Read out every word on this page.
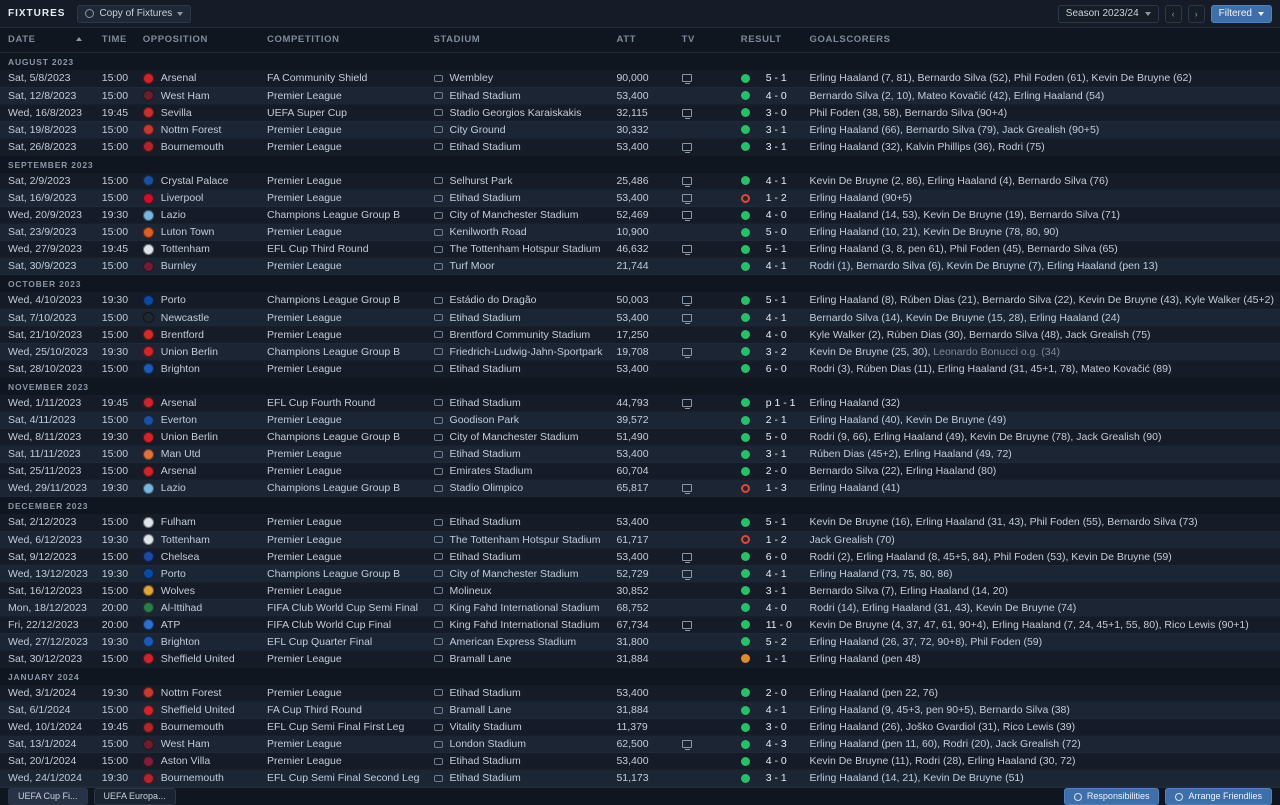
FIXTURES	Copy of Fixtures	Season 2023/24	‹	›	Filtered
DATE	TIME	OPPOSITION	COMPETITION	STADIUM	ATT	TV	RESULT	GOALSCORERS
AUGUST 2023								
Sat, 5/8/2023	15:00	Arsenal	FA Community Shield	Wembley	90,000		5 - 1	Erling Haaland (7, 81), Bernardo Silva (52), Phil Foden (61), Kevin De Bruyne (62)
Sat, 12/8/2023	15:00	West Ham	Premier League	Etihad Stadium	53,400		4 - 0	Bernardo Silva (2, 10), Mateo Kovačić (42), Erling Haaland (54)
Wed, 16/8/2023	19:45	Sevilla	UEFA Super Cup	Stadio Georgios Karaiskakis	32,115		3 - 0	Phil Foden (38, 58), Bernardo Silva (90+4)
Sat, 19/8/2023	15:00	Nottm Forest	Premier League	City Ground	30,332		3 - 1	Erling Haaland (66), Bernardo Silva (79), Jack Grealish (90+5)
Sat, 26/8/2023	15:00	Bournemouth	Premier League	Etihad Stadium	53,400		3 - 1	Erling Haaland (32), Kalvin Phillips (36), Rodri (75)
SEPTEMBER 2023								
Sat, 2/9/2023	15:00	Crystal Palace	Premier League	Selhurst Park	25,486		4 - 1	Kevin De Bruyne (2, 86), Erling Haaland (4), Bernardo Silva (76)
Sat, 16/9/2023	15:00	Liverpool	Premier League	Etihad Stadium	53,400		1 - 2	Erling Haaland (90+5)
Wed, 20/9/2023	19:30	Lazio	Champions League Group B	City of Manchester Stadium	52,469		4 - 0	Erling Haaland (14, 53), Kevin De Bruyne (19), Bernardo Silva (71)
Sat, 23/9/2023	15:00	Luton Town	Premier League	Kenilworth Road	10,900		5 - 0	Erling Haaland (10, 21), Kevin De Bruyne (78, 80, 90)
Wed, 27/9/2023	19:45	Tottenham	EFL Cup Third Round	The Tottenham Hotspur Stadium	46,632		5 - 1	Erling Haaland (3, 8, pen 61), Phil Foden (45), Bernardo Silva (65)
Sat, 30/9/2023	15:00	Burnley	Premier League	Turf Moor	21,744		4 - 1	Rodri (1), Bernardo Silva (6), Kevin De Bruyne (7), Erling Haaland (pen 13)
OCTOBER 2023								
Wed, 4/10/2023	19:30	Porto	Champions League Group B	Estádio do Dragão	50,003		5 - 1	Erling Haaland (8), Rúben Dias (21), Bernardo Silva (22), Kevin De Bruyne (43), Kyle Walker (45+2)
Sat, 7/10/2023	15:00	Newcastle	Premier League	Etihad Stadium	53,400		4 - 1	Bernardo Silva (14), Kevin De Bruyne (15, 28), Erling Haaland (24)
Sat, 21/10/2023	15:00	Brentford	Premier League	Brentford Community Stadium	17,250		4 - 0	Kyle Walker (2), Rúben Dias (30), Bernardo Silva (48), Jack Grealish (75)
Wed, 25/10/2023	19:30	Union Berlin	Champions League Group B	Friedrich-Ludwig-Jahn-Sportpark	19,708		3 - 2	Kevin De Bruyne (25, 30), Leonardo Bonucci o.g. (34)
Sat, 28/10/2023	15:00	Brighton	Premier League	Etihad Stadium	53,400		6 - 0	Rodri (3), Rúben Dias (11), Erling Haaland (31, 45+1, 78), Mateo Kovačić (89)
NOVEMBER 2023								
Wed, 1/11/2023	19:45	Arsenal	EFL Cup Fourth Round	Etihad Stadium	44,793		p 1 - 1	Erling Haaland (32)
Sat, 4/11/2023	15:00	Everton	Premier League	Goodison Park	39,572		2 - 1	Erling Haaland (40), Kevin De Bruyne (49)
Wed, 8/11/2023	19:30	Union Berlin	Champions League Group B	City of Manchester Stadium	51,490		5 - 0	Rodri (9, 66), Erling Haaland (49), Kevin De Bruyne (78), Jack Grealish (90)
Sat, 11/11/2023	15:00	Man Utd	Premier League	Etihad Stadium	53,400		3 - 1	Rúben Dias (45+2), Erling Haaland (49, 72)
Sat, 25/11/2023	15:00	Arsenal	Premier League	Emirates Stadium	60,704		2 - 0	Bernardo Silva (22), Erling Haaland (80)
Wed, 29/11/2023	19:30	Lazio	Champions League Group B	Stadio Olimpico	65,817		1 - 3	Erling Haaland (41)
DECEMBER 2023								
Sat, 2/12/2023	15:00	Fulham	Premier League	Etihad Stadium	53,400		5 - 1	Kevin De Bruyne (16), Erling Haaland (31, 43), Phil Foden (55), Bernardo Silva (73)
Wed, 6/12/2023	19:30	Tottenham	Premier League	The Tottenham Hotspur Stadium	61,717		1 - 2	Jack Grealish (70)
Sat, 9/12/2023	15:00	Chelsea	Premier League	Etihad Stadium	53,400		6 - 0	Rodri (2), Erling Haaland (8, 45+5, 84), Phil Foden (53), Kevin De Bruyne (59)
Wed, 13/12/2023	19:30	Porto	Champions League Group B	City of Manchester Stadium	52,729		4 - 1	Erling Haaland (73, 75, 80, 86)
Sat, 16/12/2023	15:00	Wolves	Premier League	Molineux	30,852		3 - 1	Bernardo Silva (7), Erling Haaland (14, 20)
Mon, 18/12/2023	20:00	Al-Ittihad	FIFA Club World Cup Semi Final	King Fahd International Stadium	68,752		4 - 0	Rodri (14), Erling Haaland (31, 43), Kevin De Bruyne (74)
Fri, 22/12/2023	20:00	ATP	FIFA Club World Cup Final	King Fahd International Stadium	67,734		11 - 0	Kevin De Bruyne (4, 37, 47, 61, 90+4), Erling Haaland (7, 24, 45+1, 55, 80), Rico Lewis (90+1)
Wed, 27/12/2023	19:30	Brighton	EFL Cup Quarter Final	American Express Stadium	31,800		5 - 2	Erling Haaland (26, 37, 72, 90+8), Phil Foden (59)
Sat, 30/12/2023	15:00	Sheffield United	Premier League	Bramall Lane	31,884		1 - 1	Erling Haaland (pen 48)
JANUARY 2024								
Wed, 3/1/2024	19:30	Nottm Forest	Premier League	Etihad Stadium	53,400		2 - 0	Erling Haaland (pen 22, 76)
Sat, 6/1/2024	15:00	Sheffield United	FA Cup Third Round	Bramall Lane	31,884		4 - 1	Erling Haaland (9, 45+3, pen 90+5), Bernardo Silva (38)
Wed, 10/1/2024	19:45	Bournemouth	EFL Cup Semi Final First Leg	Vitality Stadium	11,379		3 - 0	Erling Haaland (26), Joško Gvardiol (31), Rico Lewis (39)
Sat, 13/1/2024	15:00	West Ham	Premier League	London Stadium	62,500		4 - 3	Erling Haaland (pen 11, 60), Rodri (20), Jack Grealish (72)
Sat, 20/1/2024	15:00	Aston Villa	Premier League	Etihad Stadium	53,400		4 - 0	Kevin De Bruyne (11), Rodri (28), Erling Haaland (30, 72)
Wed, 24/1/2024	19:30	Bournemouth	EFL Cup Semi Final Second Leg	Etihad Stadium	51,173		3 - 1	Erling Haaland (14, 21), Kevin De Bruyne (51)
UEFA Cup Fi...	UEFA Europa...	Responsibilities	Arrange Friendlies
